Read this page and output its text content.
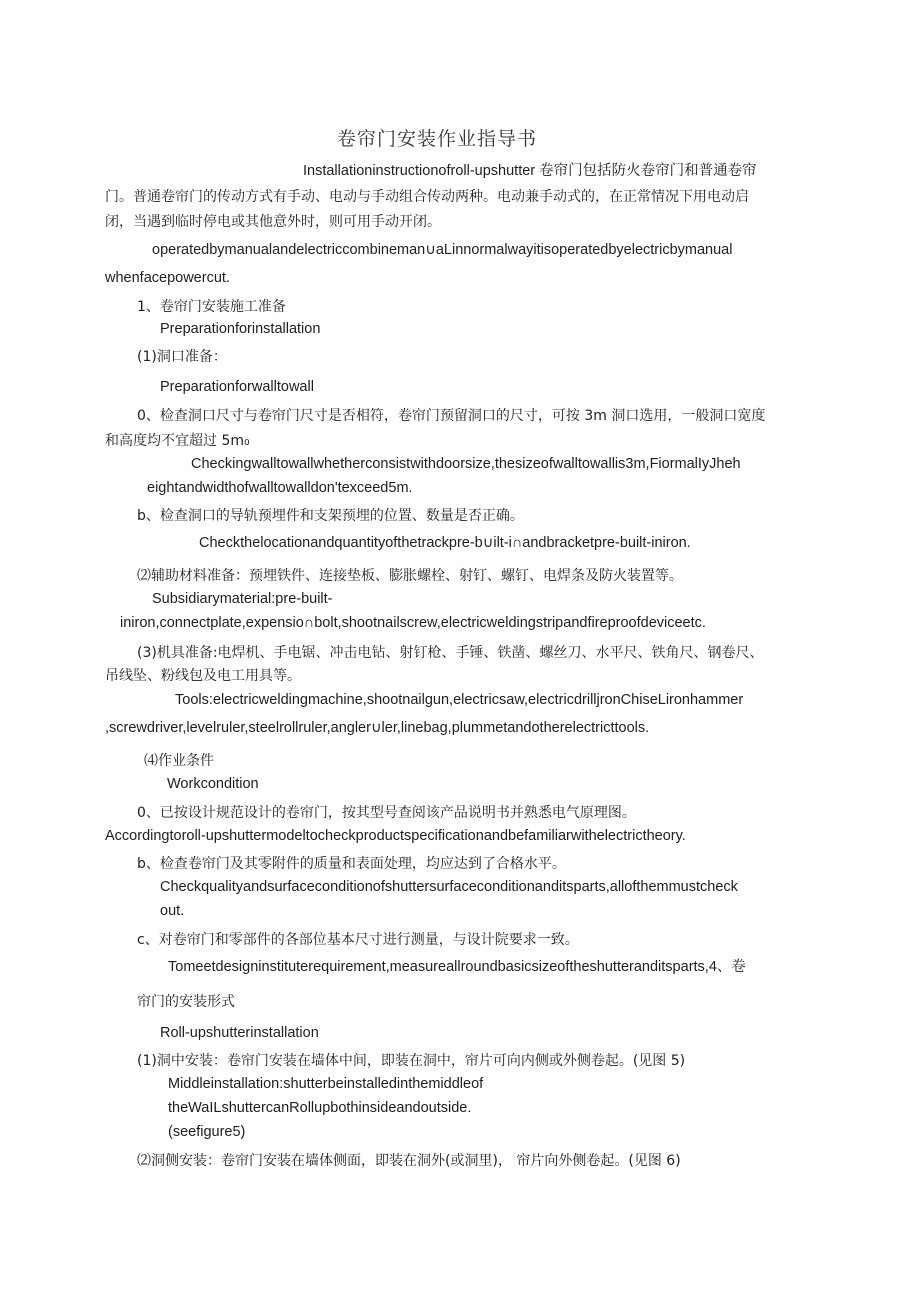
卷帘门安装作业指导书
Installationinstructionofroll-upshutter 卷帘门包括防火卷帘门和普通卷帘
门。普通卷帘门的传动方式有手动、电动与手动组合传动两种。电动兼手动式的，在正常情况下用电动启
闭，当遇到临时停电或其他意外时，则可用手动开闭。
operatedbymanualandelectriccombineman∪aLinnormalwayitisoperatedbyelectricbymanual
whenfacepowercut.
1、卷帘门安装施工准备
Preparationforinstallation
(1)洞口准备：
Preparationforwalltowall
0、检查洞口尺寸与卷帘门尺寸是否相符，卷帘门预留洞口的尺寸，可按 3m 洞口选用，一般洞口宽度
和高度均不宜超过 5m₀
Checkingwalltowallwhetherconsistwithdoorsize,thesizeofwalltowallis3m,FiormalIyJheh
eightandwidthofwalltowalldon'texceed5m.
b、检查洞口的导轨预埋件和支架预埋的位置、数量是否正确。
Checkthelocationandquantityofthetrackpre-b∪ilt-i∩andbracketpre-built-iniron.
⑵辅助材料准备：预埋铁件、连接垫板、膨胀螺栓、射钉、螺钉、电焊条及防火装置等。
Subsidiarymaterial:pre-built-
iniron,connectplate,expensio∩bolt,shootnailscrew,electricweldingstripandfireproofdeviceetc.
(3)机具准备:电焊机、手电锯、冲击电钻、射钉枪、手锤、铁凿、螺丝刀、水平尺、铁角尺、钢卷尺、
吊线坠、粉线包及电工用具等。
Tools:electricweldingmachine,shootnailgun,electricsaw,electricdrilljronChiseLironhammer
,screwdriver,levelruler,steelrollruler,angler∪ler,linebag,plummetandotherelectricttools.
⑷作业条件
Workcondition
0、已按设计规范设计的卷帘门，按其型号查阅该产品说明书并熟悉电气原理图。
Accordingtoroll-upshuttermodeltocheckproductspecificationandbefamiliarwithelectrictheory.
b、检查卷帘门及其零附件的质量和表面处理，均应达到了合格水平。
Checkqualityandsurfaceconditionofshuttersurfaceconditionanditsparts,allofthemmustcheck
out.
c、对卷帘门和零部件的各部位基本尺寸进行测量，与设计院要求一致。
Tomeetdesigninstituterequirement,measureallroundbasicsizeoftheshutteranditsparts,4、卷
帘门的安装形式
Roll-upshutterinstallation
(1)洞中安装：卷帘门安装在墙体中间，即装在洞中，帘片可向内侧或外侧卷起。(见图 5)
Middleinstallation:shutterbeinstalledinthemiddleof
theWaILshuttercanRollupbothinsideandoutside.
(seefigure5)
⑵洞侧安装：卷帘门安装在墙体侧面，即装在洞外(或洞里)， 帘片向外侧卷起。(见图 6)
